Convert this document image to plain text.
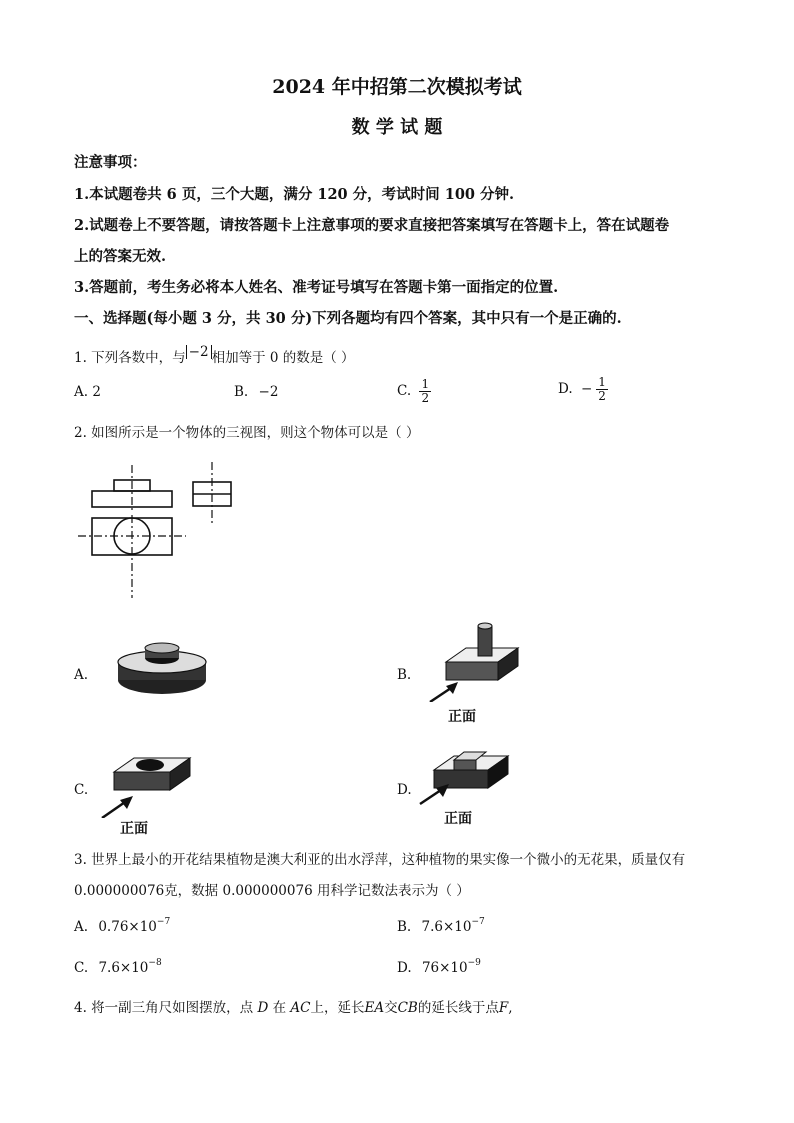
2024 年中招第二次模拟考试
数 学 试 题
注意事项：
1.本试题卷共 6 页，三个大题，满分 120 分，考试时间 100 分钟.
2.试题卷上不要答题，请按答题卡上注意事项的要求直接把答案填写在答题卡上，答在试题卷
上的答案无效.
3.答题前，考生务必将本人姓名、准考证号填写在答题卡第一面指定的位置.
一、选择题(每小题 3 分，共 30 分)下列各题均有四个答案，其中只有一个是正确的.
1. 下列各数中，与 −2 相加等于 0 的数是（ ）
A. 2	B. −2	C. $\frac{1}{2}$	D. − $\frac{1}{2}$
2. 如图所示是一个物体的三视图，则这个物体可以是（ ）
A.	B.
正面
C.
正面
D.
正面
3. 世界上最小的开花结果植物是澳大利亚的出水浮萍，这种植物的果实像一个微小的无花果，质量仅有
0.000000076克，数据 0.000000076 用科学记数法表示为（ ）
A. $0.76\times 10^{-7}$	B. $7.6\times 10^{-7}$
C. $7.6\times 10^{-8}$	D. $76\times 10^{-9}$
4. 将一副三角尺如图摆放，点 D 在 AC上，延长EA交CB的延长线于点F,
